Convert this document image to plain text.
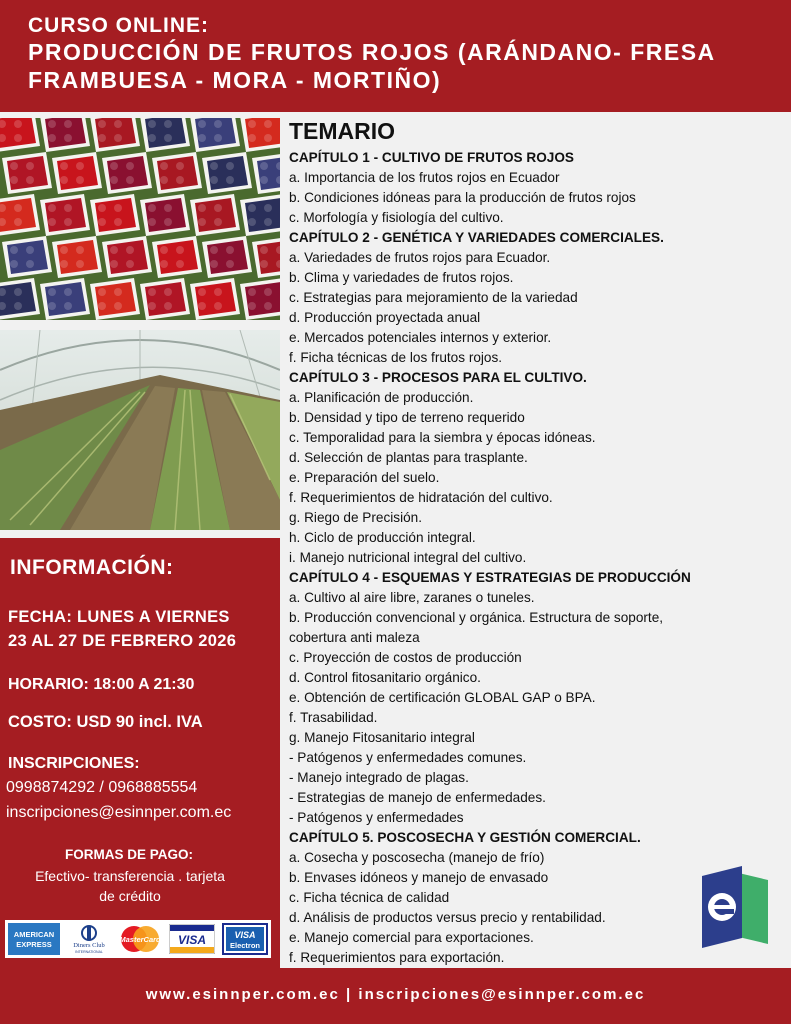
CURSO ONLINE:
PRODUCCIÓN DE FRUTOS ROJOS (ARÁNDANO- FRESA FRAMBUESA - MORA - MORTIÑO)
INFORMACIÓN:
FECHA: LUNES A VIERNES
23 AL 27 DE FEBRERO 2026
HORARIO: 18:00 A 21:30
COSTO: USD 90 incl. IVA
INSCRIPCIONES:
0998874292 / 0968885554
inscripciones@esinnper.com.ec
FORMAS DE PAGO:
Efectivo- transferencia . tarjeta
de crédito
AMERICAN
EXPRESS	Diners Club
INTERNATIONAL
MasterCard VISA	VISA
Electron
TEMARIO
CAPÍTULO 1 - CULTIVO DE FRUTOS ROJOS
a. Importancia de los frutos rojos en Ecuador
b. Condiciones idóneas para la producción de frutos rojos
c. Morfología y fisiología del cultivo.
CAPÍTULO 2 - GENÉTICA Y VARIEDADES COMERCIALES.
a. Variedades de frutos rojos para Ecuador.
b. Clima y variedades de frutos rojos.
c. Estrategias para mejoramiento de la variedad
d. Producción proyectada anual
e. Mercados potenciales internos y exterior.
f. Ficha técnicas de los frutos rojos.
CAPÍTULO 3 - PROCESOS PARA EL CULTIVO.
a. Planificación de producción.
b. Densidad y tipo de terreno requerido
c. Temporalidad para la siembra y épocas idóneas.
d. Selección de plantas para trasplante.
e. Preparación del suelo.
f. Requerimientos de hidratación del cultivo.
g. Riego de Precisión.
h. Ciclo de producción integral.
i. Manejo nutricional integral del cultivo.
CAPÍTULO 4 - ESQUEMAS Y ESTRATEGIAS DE PRODUCCIÓN
a. Cultivo al aire libre, zaranes o tuneles.
b. Producción convencional y orgánica. Estructura de soporte,
cobertura anti maleza
c. Proyección de costos de producción
d. Control fitosanitario orgánico.
e. Obtención de certificación GLOBAL GAP o BPA.
f. Trasabilidad.
g. Manejo Fitosanitario integral
- Patógenos y enfermedades comunes.
- Manejo integrado de plagas.
- Estrategias de manejo de enfermedades.
- Patógenos y enfermedades
CAPÍTULO 5. POSCOSECHA Y GESTIÓN COMERCIAL.
a. Cosecha y poscosecha (manejo de frío)
b. Envases idóneos y manejo de envasado
c. Ficha técnica de calidad
d. Análisis de productos versus precio y rentabilidad.
e. Manejo comercial para exportaciones.
f. Requerimientos para exportación.
www.esinnper.com.ec | inscripciones@esinnper.com.ec
